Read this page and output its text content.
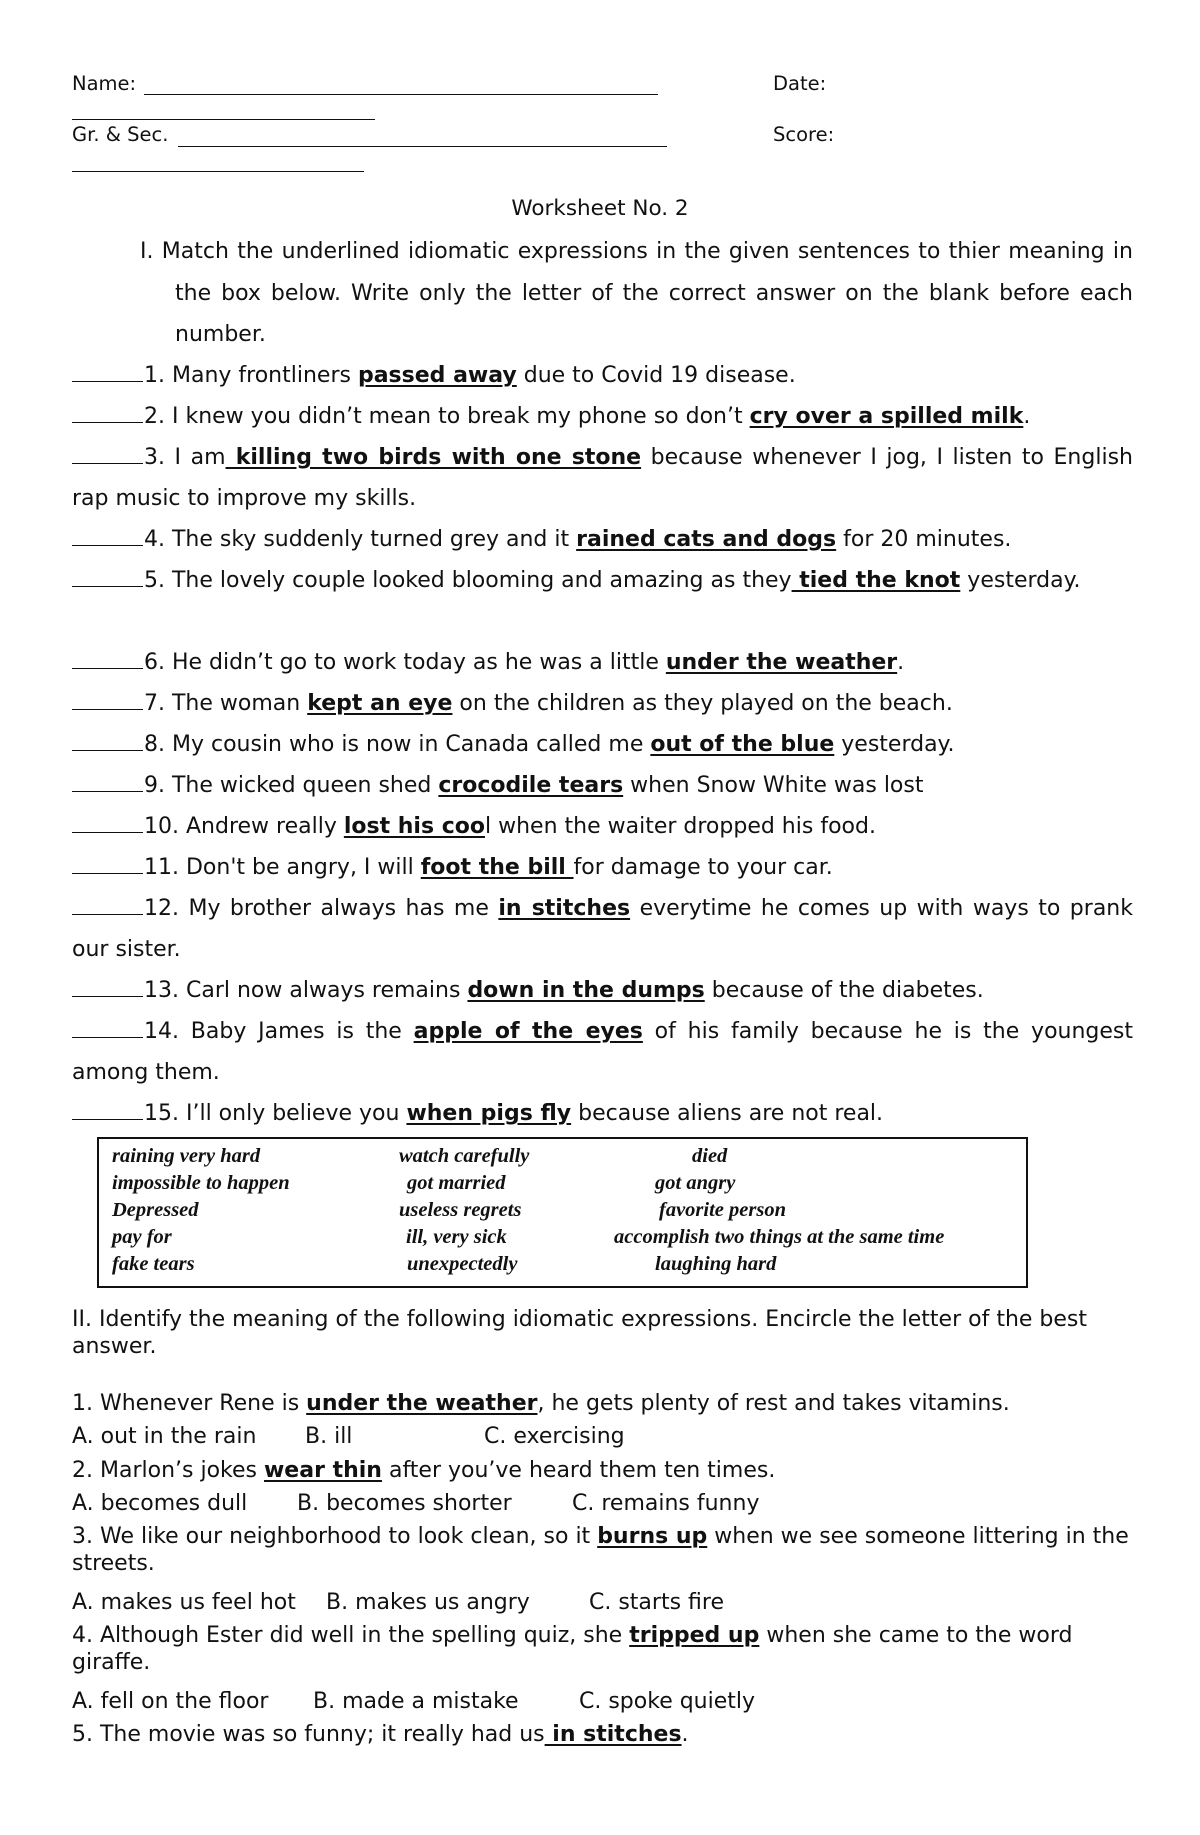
Name:	Date:
Gr. & Sec.	Score:
Worksheet No. 2
I. Match the underlined idiomatic expressions in the given sentences to thier meaning in the box below. Write only the letter of the correct answer on the blank before each number.
1. Many frontliners passed away due to Covid 19 disease.
2. I knew you didn’t mean to break my phone so don’t cry over a spilled milk.
3. I am killing two birds with one stone because whenever I jog, I listen to English rap music to improve my skills.
4. The sky suddenly turned grey and it rained cats and dogs for 20 minutes.
5. The lovely couple looked blooming and amazing as they tied the knot yesterday.
6. He didn’t go to work today as he was a little under the weather.
7. The woman kept an eye on the children as they played on the beach.
8. My cousin who is now in Canada called me out of the blue yesterday.
9. The wicked queen shed crocodile tears when Snow White was lost
10. Andrew really lost his cool when the waiter dropped his food.
11. Don't be angry, I will foot the bill for damage to your car.
12. My brother always has me in stitches everytime he comes up with ways to prank our sister.
13. Carl now always remains down in the dumps because of the diabetes.
14. Baby James is the apple of the eyes of his family because he is the youngest among them.
15. I’ll only believe you when pigs fly because aliens are not real.
raining very hard	watch carefully	died
impossible to happen	got married	got angry
Depressed	useless regrets	favorite person
pay for	ill, very sick	accomplish two things at the same time
fake tears	unexpectedly	laughing hard
II. Identify the meaning of the following idiomatic expressions. Encircle the letter of the best answer.
1. Whenever Rene is under the weather, he gets plenty of rest and takes vitamins.
A. out in the rain B. ill	C. exercising
2. Marlon’s jokes wear thin after you’ve heard them ten times.
A. becomes dull B. becomes shorter	C. remains funny
3. We like our neighborhood to look clean, so it burns up when we see someone littering in the streets.
A. makes us feel hot B. makes us angry	C. starts fire
4. Although Ester did well in the spelling quiz, she tripped up when she came to the word giraffe.
A. fell on the floor B. made a mistake	C. spoke quietly
5. The movie was so funny; it really had us in stitches.
